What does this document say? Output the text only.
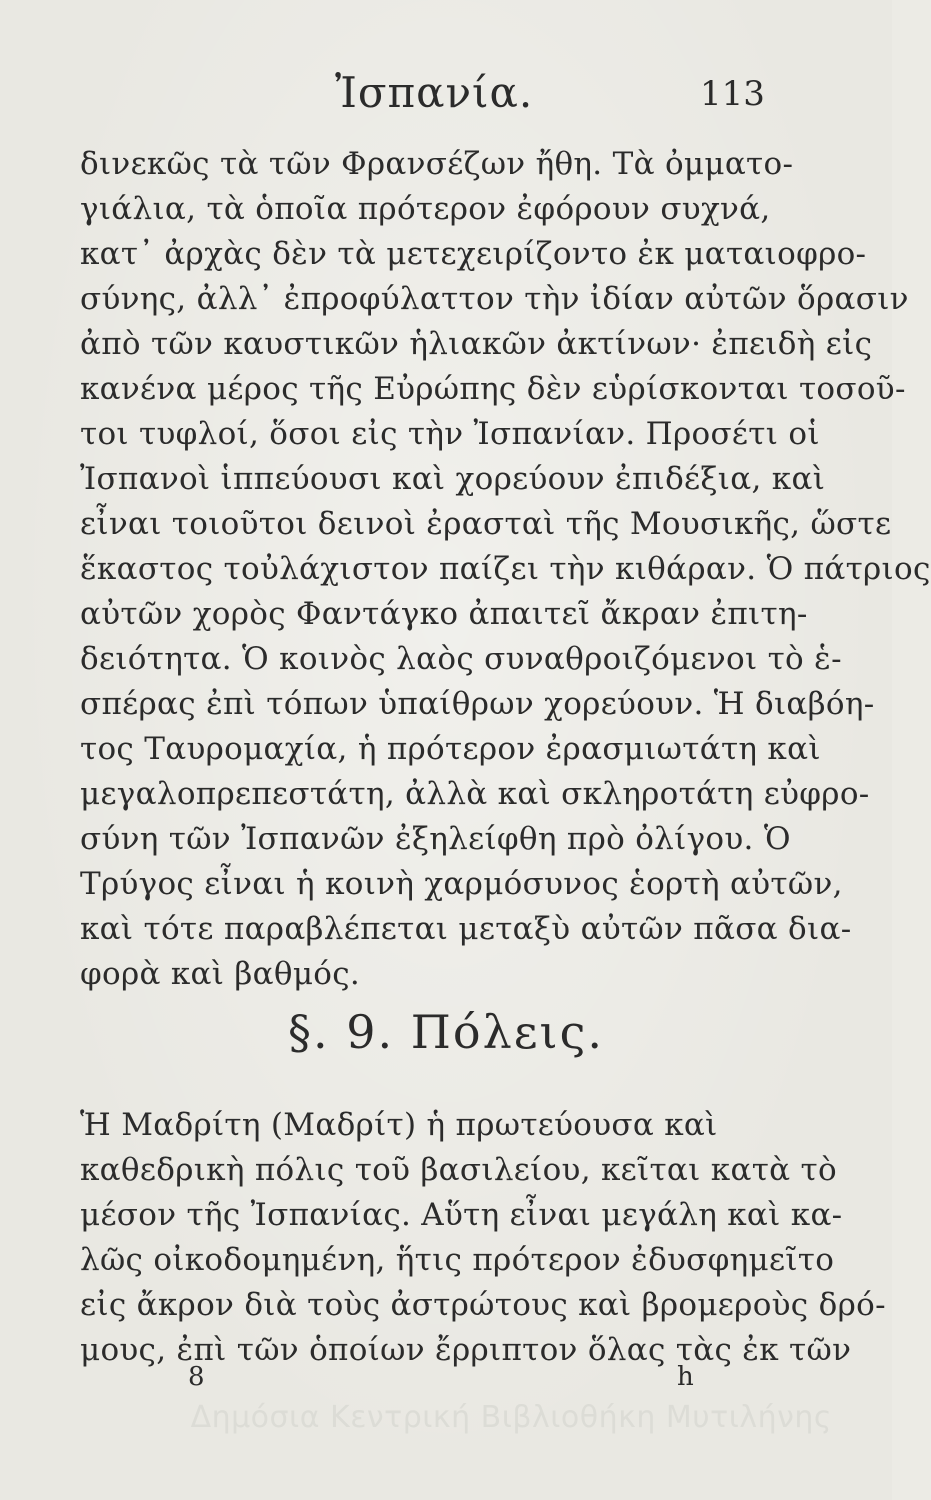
Ἰσπανία.	113
δινεκῶς τὰ τῶν Φρανσέζων ἤθη. Τὰ ὀμματο-
γιάλια, τὰ ὁποῖα πρότερον ἐφόρουν συχνά,
κατ᾽ ἀρχὰς δὲν τὰ μετεχειρίζοντο ἐκ ματαιοφρο-
σύνης, ἀλλ᾽ ἐπροφύλαττον τὴν ἰδίαν αὐτῶν ὅρασιν
ἀπὸ τῶν καυστικῶν ἡλιακῶν ἀκτίνων· ἐπειδὴ εἰς
κανένα μέρος τῆς Εὐρώπης δὲν εὑρίσκονται τοσοῦ-
τοι τυφλοί, ὅσοι εἰς τὴν Ἰσπανίαν. Προσέτι οἱ
Ἰσπανοὶ ἱππεύουσι καὶ χορεύουν ἐπιδέξια, καὶ
εἶναι τοιοῦτοι δεινοὶ ἐρασταὶ τῆς Μουσικῆς, ὥστε
ἕκαστος τοὐλάχιστον παίζει τὴν κιθάραν. Ὁ πάτριος
αὐτῶν χορὸς Φαντάγκο ἀπαιτεῖ ἄκραν ἐπιτη-
δειότητα. Ὁ κοινὸς λαὸς συναθροιζόμενοι τὸ ἑ-
σπέρας ἐπὶ τόπων ὑπαίθρων χορεύουν. Ἡ διαβόη-
τος Ταυρομαχία, ἡ πρότερον ἐρασμιωτάτη καὶ
μεγαλοπρεπεστάτη, ἀλλὰ καὶ σκληροτάτη εὐφρο-
σύνη τῶν Ἰσπανῶν ἐξηλείφθη πρὸ ὀλίγου. Ὁ
Τρύγος εἶναι ἡ κοινὴ χαρμόσυνος ἑορτὴ αὐτῶν,
καὶ τότε παραβλέπεται μεταξὺ αὐτῶν πᾶσα δια-
φορὰ καὶ βαθμός.
§. 9. Πόλεις.
Ἡ Μαδρίτη (Μαδρίτ) ἡ πρωτεύουσα καὶ
καθεδρικὴ πόλις τοῦ βασιλείου, κεῖται κατὰ τὸ
μέσον τῆς Ἰσπανίας. Αὕτη εἶναι μεγάλη καὶ κα-
λῶς οἰκοδομημένη, ἥτις πρότερον ἐδυσφημεῖτο
εἰς ἄκρον διὰ τοὺς ἀστρώτους καὶ βρομεροὺς δρό-
μους, ἐπὶ τῶν ὁποίων ἔρριπτον ὅλας τὰς ἐκ τῶν
8	h
Δημόσια Κεντρική Βιβλιοθήκη Μυτιλήνης
